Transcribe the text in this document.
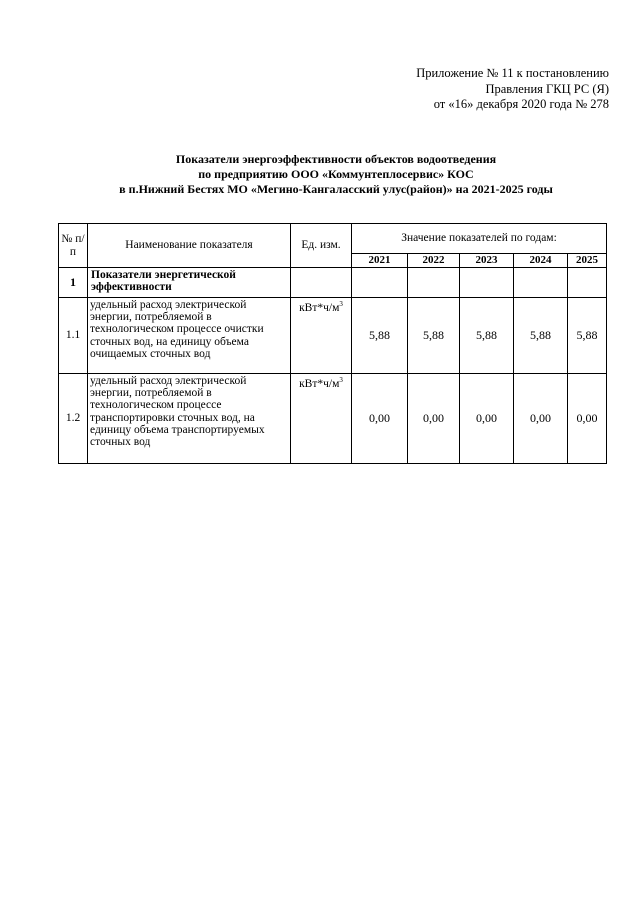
Приложение № 11 к постановлению
Правления ГКЦ РС (Я)
от «16» декабря 2020 года № 278
Показатели энергоэффективности объектов водоотведения
по предприятию ООО «Коммунтеплосервис» КОС
в п.Нижний Бестях МО «Мегино-Кангаласский улус(район)» на 2021-2025 годы
№ п/п	Наименование показателя	Ед. изм.	Значение показателей по годам:				
			2021	2022	2023	2024	2025
1	Показатели энергетической эффективности						
1.1	удельный расход электрической энергии, потребляемой в технологическом процессе очистки сточных вод, на единицу объема очищаемых сточных вод	$кВт*ч/м^3$	5,88	5,88	5,88	5,88	5,88
1.2	удельный расход электрической энергии, потребляемой в технологическом процессе транспортировки сточных вод, на единицу объема транспортируемых сточных вод	$кВт*ч/м^3$	0,00	0,00	0,00	0,00	0,00
